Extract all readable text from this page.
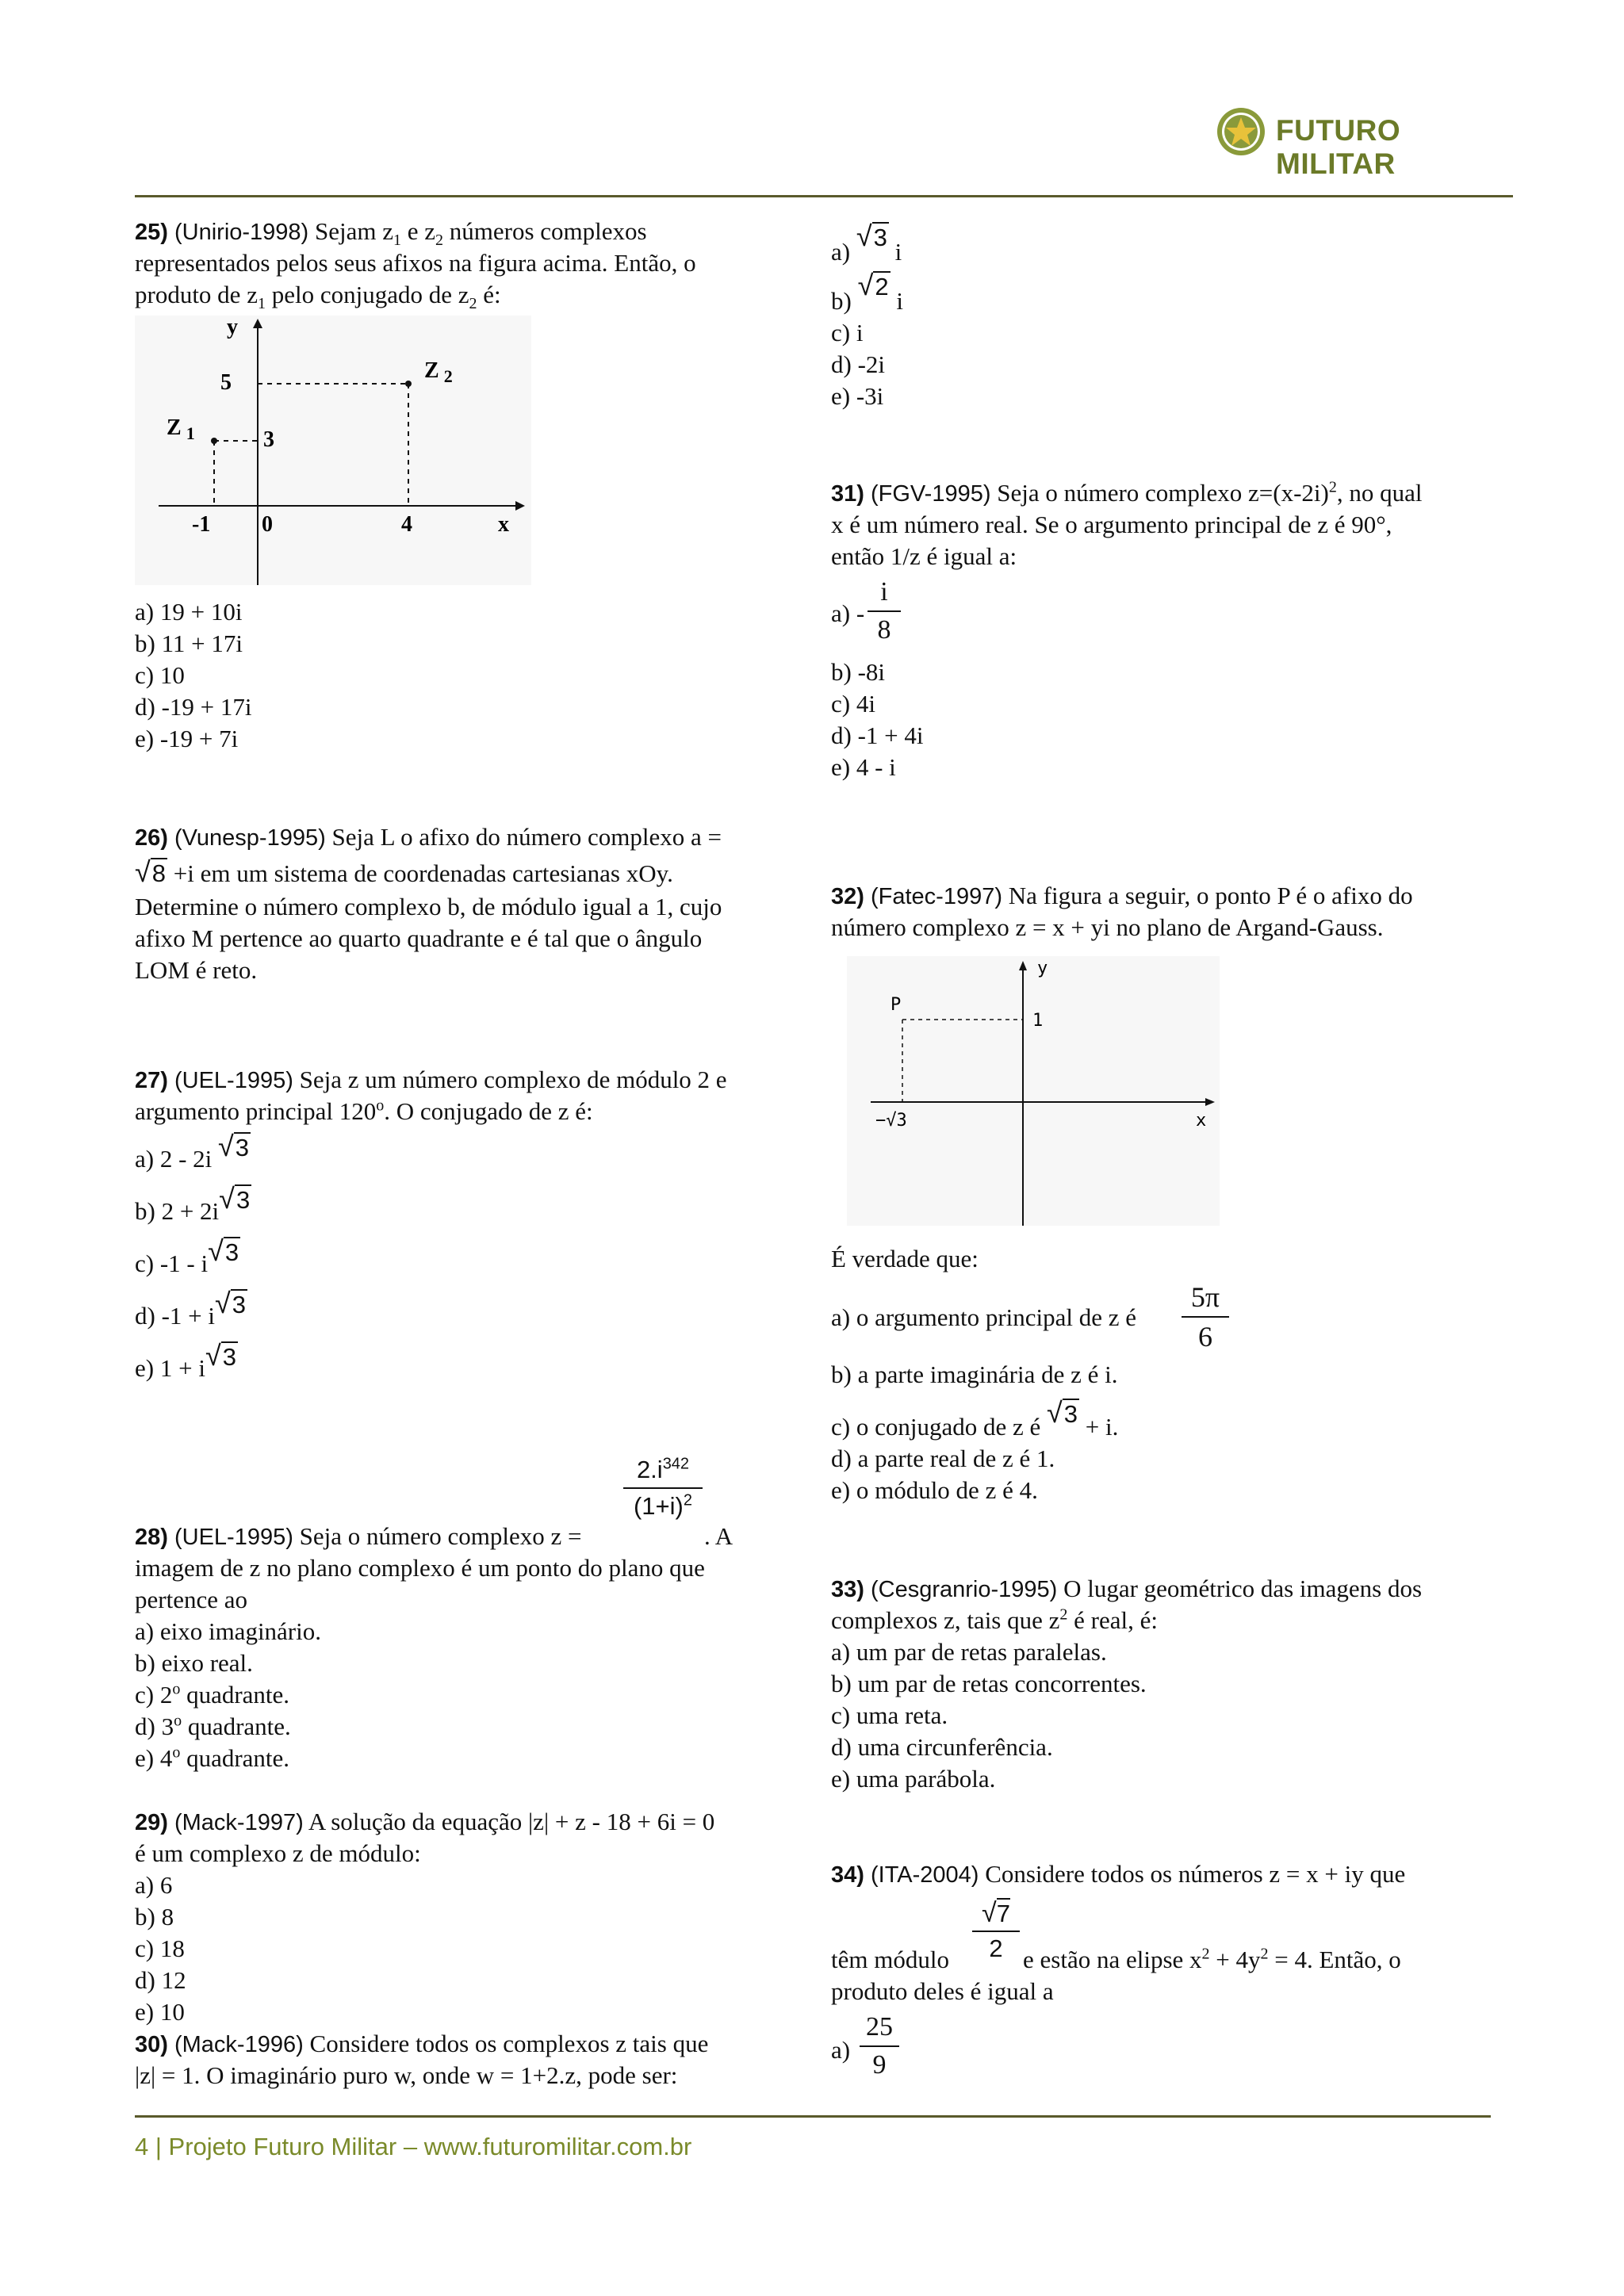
FUTURO MILITAR
25) (Unirio-1998) Sejam $z_1$ e $z_2$ números complexos
representados pelos seus afixos na figura acima. Então, o
produto de $z_1$ pelo conjugado de $z_2$ é:
y
5
3
-1 0	4	x
Z $_2$
Z $_1$
a) 19 + 10i
b) 11 + 17i
c) 10
d) -19 + 17i
e) -19 + 7i
26) (Vunesp-1995) Seja L o afixo do número complexo a =
√8 +i em um sistema de coordenadas cartesianas xOy.
Determine o número complexo b, de módulo igual a 1, cujo
afixo M pertence ao quarto quadrante e é tal que o ângulo
LOM é reto.
27) (UEL-1995) Seja z um número complexo de módulo 2 e
argumento principal 120$^o$. O conjugado de z é:
a) 2 - 2i √3
b) 2 + 2i√3
c) -1 - i√3
d) -1 + i√3
e) 1 + i√3
$2.i^{342}$
$(1+i)^2$
28) (UEL-1995) Seja o número complexo z =	. A
imagem de z no plano complexo é um ponto do plano que
pertence ao
a) eixo imaginário.
b) eixo real.
c) 2$^o$ quadrante.
d) 3$^o$ quadrante.
e) 4$^o$ quadrante.
29) (Mack-1997) A solução da equação |z| + z - 18 + 6i = 0
é um complexo z de módulo:
a) 6
b) 8
c) 18
d) 12
e) 10
30) (Mack-1996) Considere todos os complexos z tais que
|z| = 1. O imaginário puro w, onde w = 1+2.z, pode ser:
a) √3 i
b) √2 i
c) i
d) -2i
e) -3i
31) (FGV-1995) Seja o número complexo $z=(x-2i)^2$, no qual
x é um número real. Se o argumento principal de z é 90°,
então 1/z é igual a:
a) -
i
8
b) -8i
c) 4i
d) -1 + 4i
e) 4 - i
32) (Fatec-1997) Na figura a seguir, o ponto P é o afixo do
número complexo z = x + yi no plano de Argand-Gauss.
y
P
1
−√3	x
É verdade que:
a) o argumento principal de z é
5π
6
b) a parte imaginária de z é i.
c) o conjugado de z é √3 + i.
d) a parte real de z é 1.
e) o módulo de z é 4.
33) (Cesgranrio-1995) O lugar geométrico das imagens dos
complexos z, tais que $z^2$ é real, é:
a) um par de retas paralelas.
b) um par de retas concorrentes.
c) uma reta.
d) uma circunferência.
e) uma parábola.
34) (ITA-2004) Considere todos os números z = x + iy que
√7
2
têm módulo	e estão na elipse $x^2 + 4y^2 = 4$. Então, o
produto deles é igual a
a)
25
9
4 | Projeto Futuro Militar – www.futuromilitar.com.br
